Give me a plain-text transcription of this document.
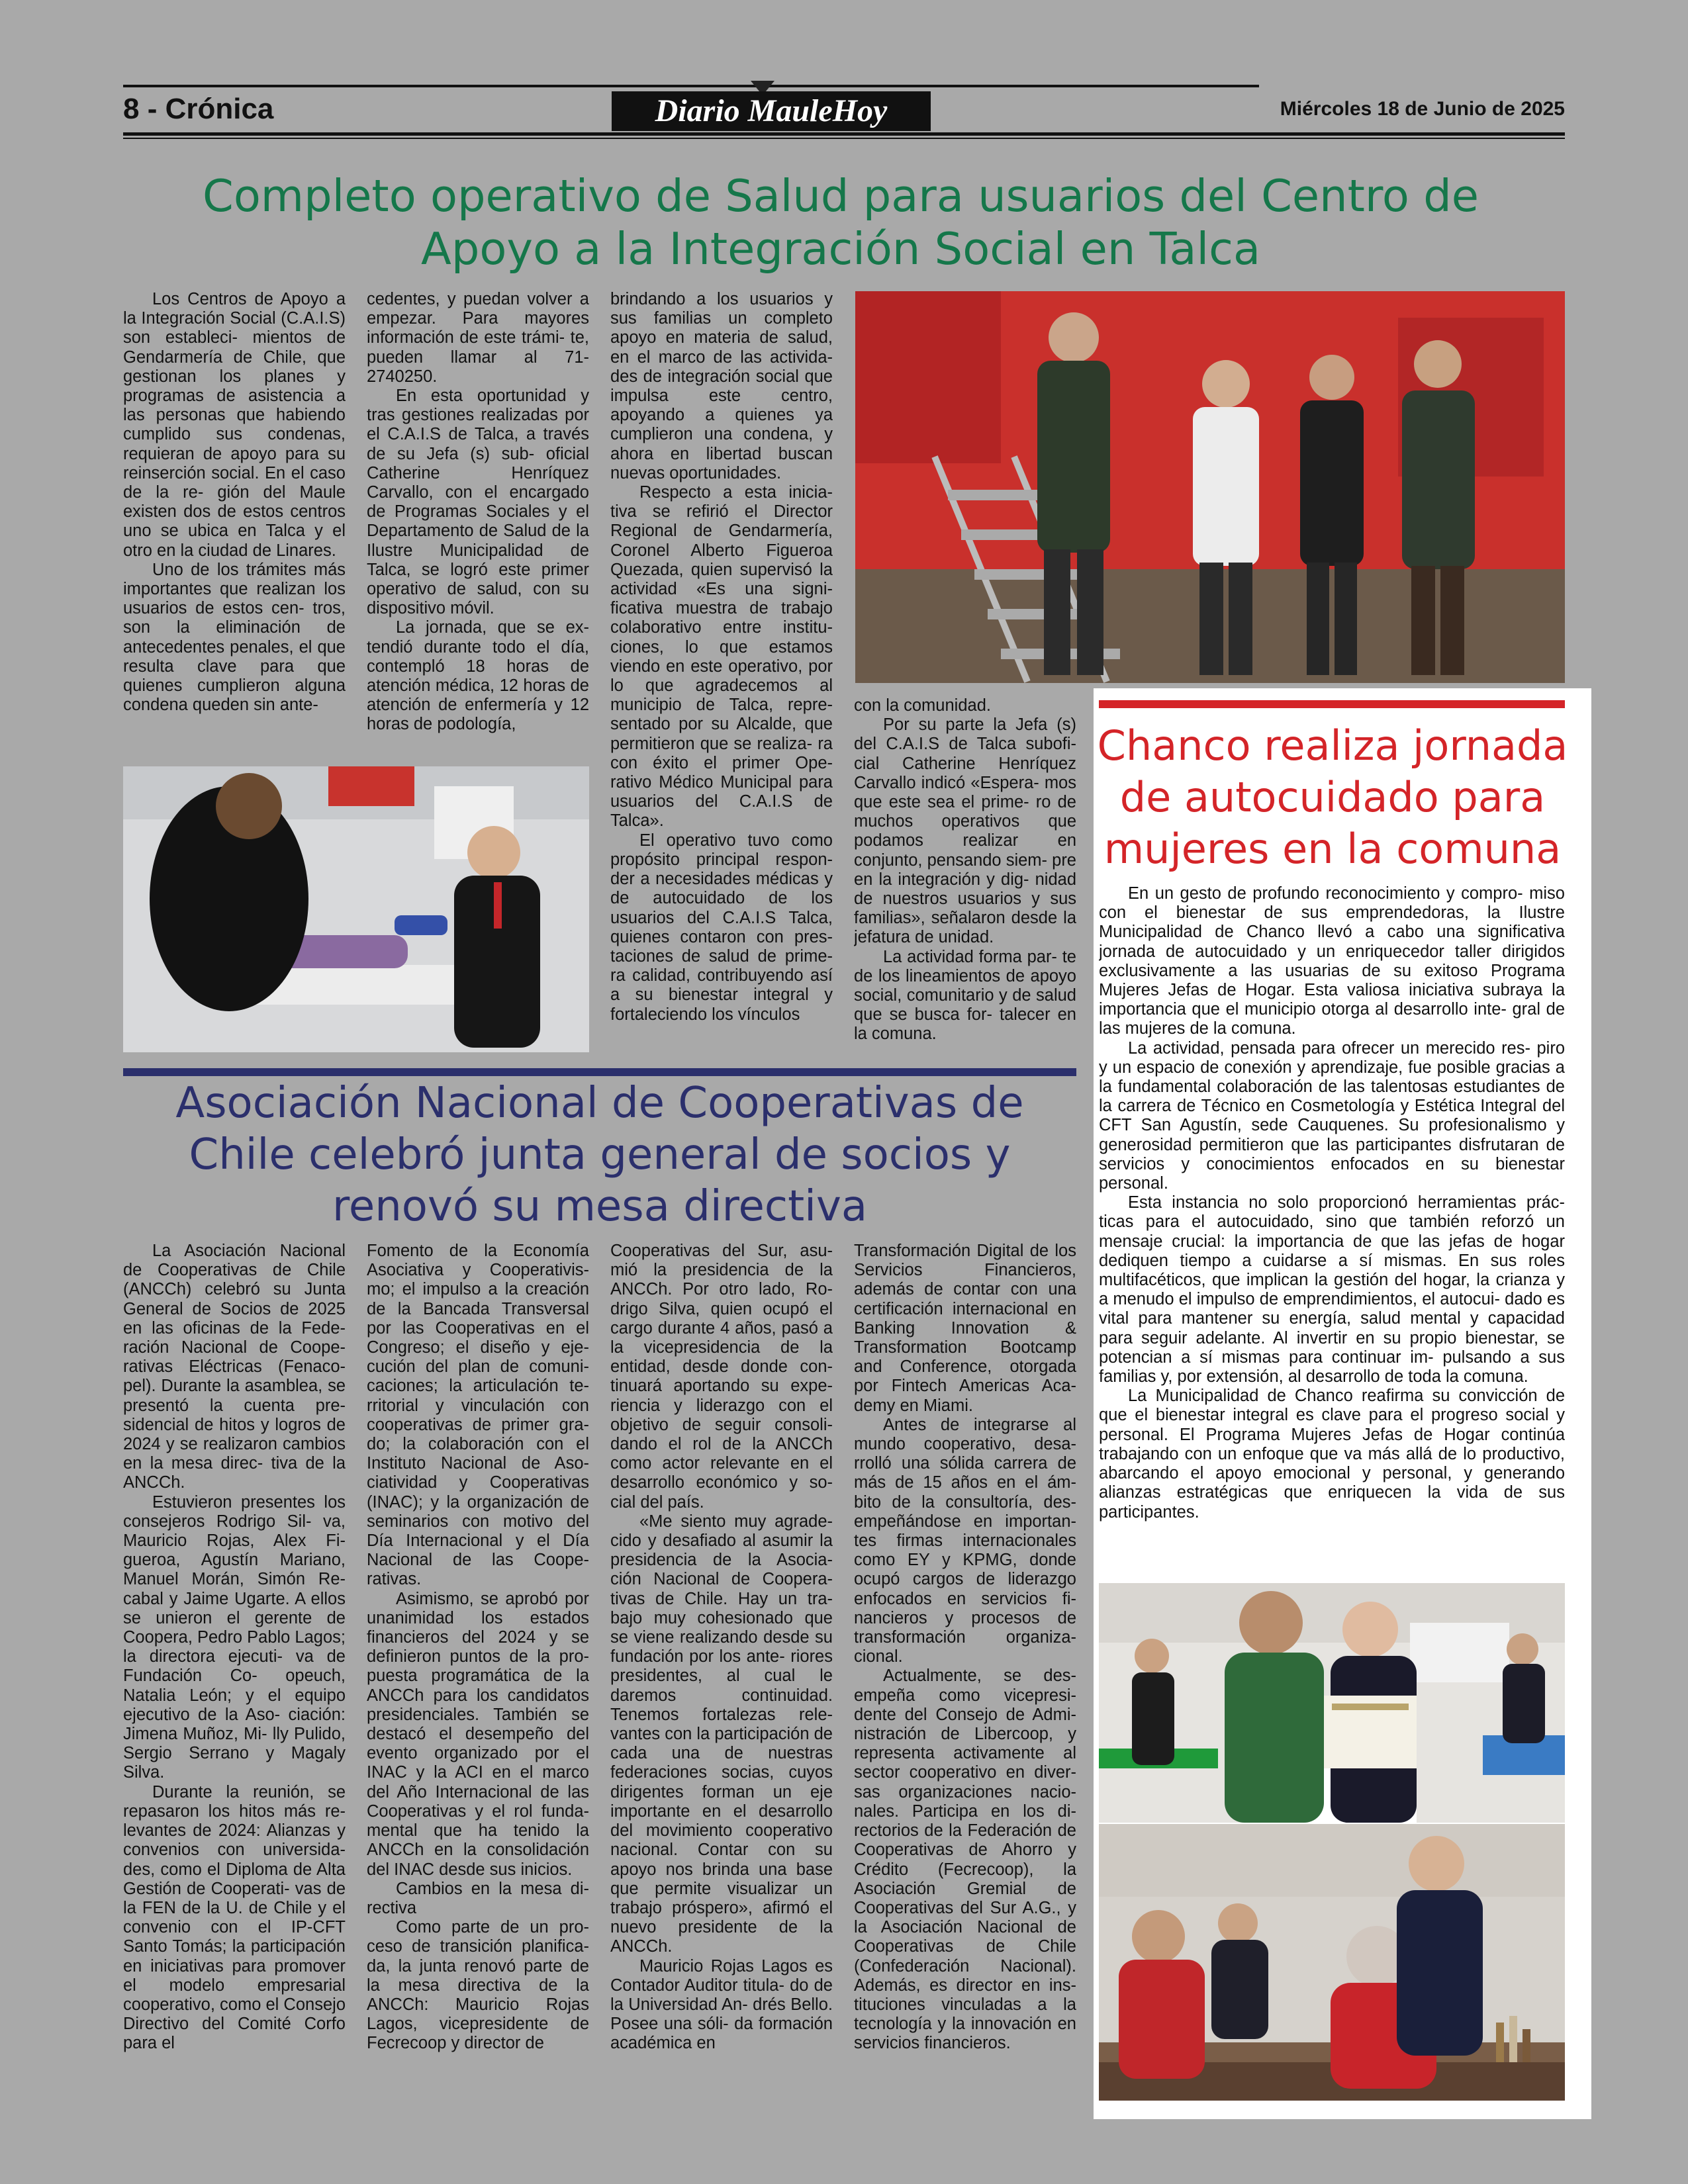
8 - Crónica	Diario MauleHoy	Miércoles 18 de Junio de 2025
Completo operativo de Salud para usuarios del Centro de Apoyo a la Integración Social en Talca

Los Centros de Apoyo a la Integración Social (C.A.I.S) son estableci- mientos de Gendarmería de Chile, que gestionan los planes y programas de asistencia a las personas que habiendo cumplido sus condenas, requieran de apoyo para su reinserción social. En el caso de la re- gión del Maule existen dos de estos centros uno se ubica en Talca y el otro en la ciudad de Linares.

Uno de los trámites más importantes que realizan los usuarios de estos cen- tros, son la eliminación de antecedentes penales, el que resulta clave para que quienes cumplieron alguna condena queden sin ante-

cedentes, y puedan volver a empezar. Para mayores información de este trámi- te, pueden llamar al 71- 2740250.

En esta oportunidad y tras gestiones realizadas por el C.A.I.S de Talca, a través de su Jefa (s) sub- oficial Catherine Henríquez Carvallo, con el encargado de Programas Sociales y el Departamento de Salud de la Ilustre Municipalidad de Talca, se logró este primer operativo de salud, con su dispositivo móvil.

La jornada, que se ex- tendió durante todo el día, contempló 18 horas de atención médica, 12 horas de atención de enfermería y 12 horas de podología,

brindando a los usuarios y sus familias un completo apoyo en materia de salud, en el marco de las activida- des de integración social que impulsa este centro, apoyando a quienes ya cumplieron una condena, y ahora en libertad buscan nuevas oportunidades.

Respecto a esta inicia- tiva se refirió el Director Regional de Gendarmería, Coronel Alberto Figueroa Quezada, quien supervisó la actividad «Es una signi- ficativa muestra de trabajo colaborativo entre institu- ciones, lo que estamos viendo en este operativo, por lo que agradecemos al municipio de Talca, repre- sentado por su Alcalde, que permitieron que se realiza- ra con éxito el primer Ope- rativo Médico Municipal para usuarios del C.A.I.S de Talca».

El operativo tuvo como propósito principal respon- der a necesidades médicas y de autocuidado de los usuarios del C.A.I.S Talca, quienes contaron con pres- taciones de salud de prime- ra calidad, contribuyendo así a su bienestar integral y fortaleciendo los vínculos

con la comunidad.

Por su parte la Jefa (s) del C.A.I.S de Talca subofi- cial Catherine Henríquez Carvallo indicó «Espera- mos que este sea el prime- ro de muchos operativos que podamos realizar en conjunto, pensando siem- pre en la integración y dig- nidad de nuestros usuarios y sus familias», señalaron desde la jefatura de unidad.

La actividad forma par- te de los lineamientos de apoyo social, comunitario y de salud que se busca for- talecer en la comuna.

Asociación Nacional de Cooperativas de Chile celebró junta general de socios y renovó su mesa directiva

La Asociación Nacional de Cooperativas de Chile (ANCCh) celebró su Junta General de Socios de 2025 en las oficinas de la Fede- ración Nacional de Coope- rativas Eléctricas (Fenaco- pel). Durante la asamblea, se presentó la cuenta pre- sidencial de hitos y logros de 2024 y se realizaron cambios en la mesa direc- tiva de la ANCCh.

Estuvieron presentes los consejeros Rodrigo Sil- va, Mauricio Rojas, Alex Fi- gueroa, Agustín Mariano, Manuel Morán, Simón Re- cabal y Jaime Ugarte. A ellos se unieron el gerente de Coopera, Pedro Pablo Lagos; la directora ejecuti- va de Fundación Co- opeuch, Natalia León; y el equipo ejecutivo de la Aso- ciación: Jimena Muñoz, Mi- lly Pulido, Sergio Serrano y Magaly Silva.

Durante la reunión, se repasaron los hitos más re- levantes de 2024: Alianzas y convenios con universida- des, como el Diploma de Alta Gestión de Cooperati- vas de la FEN de la U. de Chile y el convenio con el IP-CFT Santo Tomás; la participación en iniciativas para promover el modelo empresarial cooperativo, como el Consejo Directivo del Comité Corfo para el

Fomento de la Economía Asociativa y Cooperativis- mo; el impulso a la creación de la Bancada Transversal por las Cooperativas en el Congreso; el diseño y eje- cución del plan de comuni- caciones; la articulación te- rritorial y vinculación con cooperativas de primer gra- do; la colaboración con el Instituto Nacional de Aso- ciatividad y Cooperativas (INAC); y la organización de seminarios con motivo del Día Internacional y el Día Nacional de las Coope- rativas.

Asimismo, se aprobó por unanimidad los estados financieros del 2024 y se definieron puntos de la pro- puesta programática de la ANCCh para los candidatos presidenciales. También se destacó el desempeño del evento organizado por el INAC y la ACI en el marco del Año Internacional de las Cooperativas y el rol funda- mental que ha tenido la ANCCh en la consolidación del INAC desde sus inicios.

Cambios en la mesa di- rectiva

Como parte de un pro- ceso de transición planifica- da, la junta renovó parte de la mesa directiva de la ANCCh: Mauricio Rojas Lagos, vicepresidente de Fecrecoop y director de

Cooperativas del Sur, asu- mió la presidencia de la ANCCh. Por otro lado, Ro- drigo Silva, quien ocupó el cargo durante 4 años, pasó a la vicepresidencia de la entidad, desde donde con- tinuará aportando su expe- riencia y liderazgo con el objetivo de seguir consoli- dando el rol de la ANCCh como actor relevante en el desarrollo económico y so- cial del país.

«Me siento muy agrade- cido y desafiado al asumir la presidencia de la Asocia- ción Nacional de Coopera- tivas de Chile. Hay un tra- bajo muy cohesionado que se viene realizando desde su fundación por los ante- riores presidentes, al cual le daremos continuidad. Tenemos fortalezas rele- vantes con la participación de cada una de nuestras federaciones socias, cuyos dirigentes forman un eje importante en el desarrollo del movimiento cooperativo nacional. Contar con su apoyo nos brinda una base que permite visualizar un trabajo próspero», afirmó el nuevo presidente de la ANCCh.

Mauricio Rojas Lagos es Contador Auditor titula- do de la Universidad An- drés Bello. Posee una sóli- da formación académica en

Transformación Digital de los Servicios Financieros, además de contar con una certificación internacional en Banking Innovation & Transformation Bootcamp and Conference, otorgada por Fintech Americas Aca- demy en Miami.

Antes de integrarse al mundo cooperativo, desa- rrolló una sólida carrera de más de 15 años en el ám- bito de la consultoría, des- empeñándose en importan- tes firmas internacionales como EY y KPMG, donde ocupó cargos de liderazgo enfocados en servicios fi- nancieros y procesos de transformación organiza- cional.

Actualmente, se des- empeña como vicepresi- dente del Consejo de Admi- nistración de Libercoop, y representa activamente al sector cooperativo en diver- sas organizaciones nacio- nales. Participa en los di- rectorios de la Federación de Cooperativas de Ahorro y Crédito (Fecrecoop), la Asociación Gremial de Cooperativas del Sur A.G., y la Asociación Nacional de Cooperativas de Chile (Confederación Nacional). Además, es director en ins- tituciones vinculadas a la tecnología y la innovación en servicios financieros.

Chanco realiza jornada de autocuidado para mujeres en la comuna

En un gesto de profundo reconocimiento y compro- miso con el bienestar de sus emprendedoras, la Ilustre Municipalidad de Chanco llevó a cabo una significativa jornada de autocuidado y un enriquecedor taller dirigidos exclusivamente a las usuarias de su exitoso Programa Mujeres Jefas de Hogar. Esta valiosa iniciativa subraya la importancia que el municipio otorga al desarrollo inte- gral de las mujeres de la comuna.

La actividad, pensada para ofrecer un merecido res- piro y un espacio de conexión y aprendizaje, fue posible gracias a la fundamental colaboración de las talentosas estudiantes de la carrera de Técnico en Cosmetología y Estética Integral del CFT San Agustín, sede Cauquenes. Su profesionalismo y generosidad permitieron que las participantes disfrutaran de servicios y conocimientos enfocados en su bienestar personal.

Esta instancia no solo proporcionó herramientas prác- ticas para el autocuidado, sino que también reforzó un mensaje crucial: la importancia de que las jefas de hogar dediquen tiempo a cuidarse a sí mismas. En sus roles multifacéticos, que implican la gestión del hogar, la crianza y a menudo el impulso de emprendimientos, el autocui- dado es vital para mantener su energía, salud mental y capacidad para seguir adelante. Al invertir en su propio bienestar, se potencian a sí mismas para continuar im- pulsando a sus familias y, por extensión, al desarrollo de toda la comuna.

La Municipalidad de Chanco reafirma su convicción de que el bienestar integral es clave para el progreso social y personal. El Programa Mujeres Jefas de Hogar continúa trabajando con un enfoque que va más allá de lo productivo, abarcando el apoyo emocional y personal, y generando alianzas estratégicas que enriquecen la vida de sus participantes.
